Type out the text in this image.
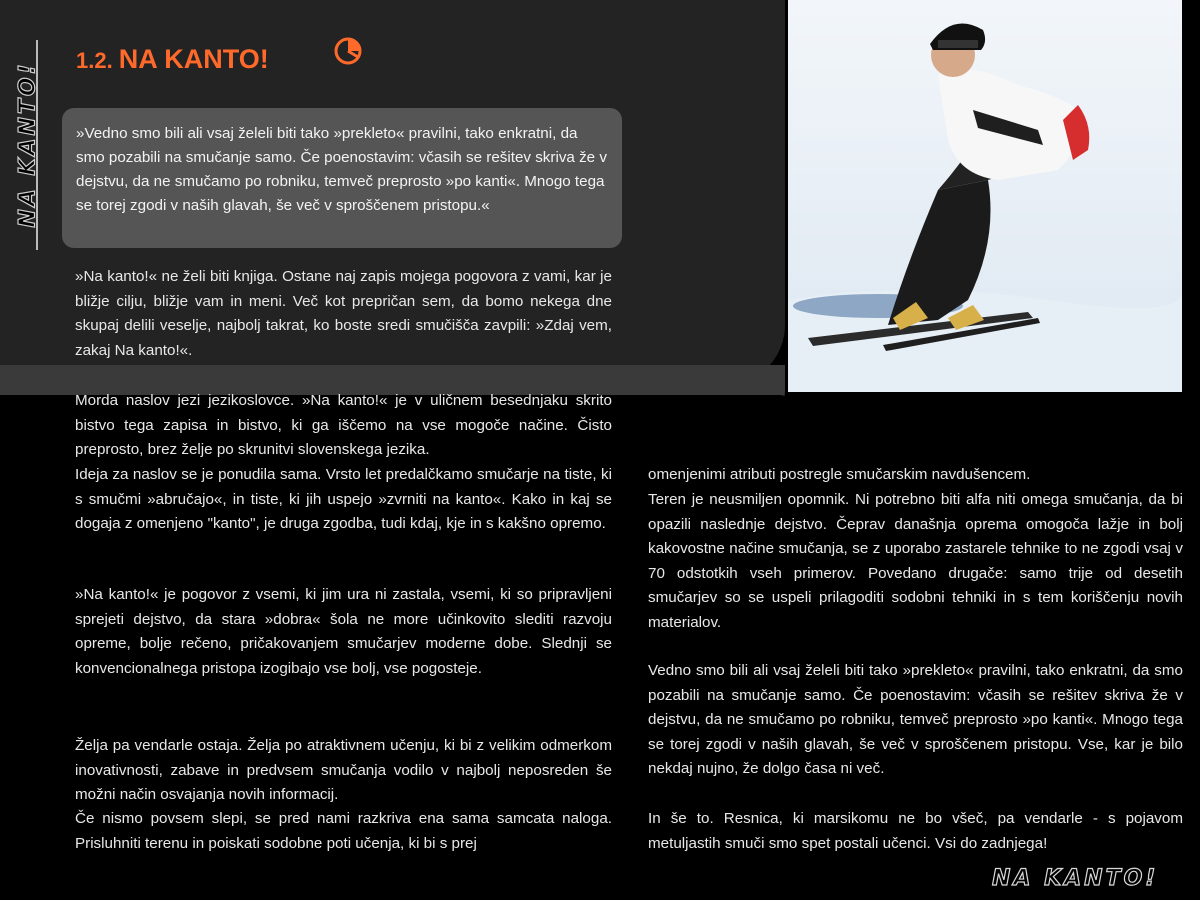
NA KANTO!
1.2. NA KANTO!
»Vedno smo bili ali vsaj želeli biti tako »prekleto« pravilni, tako enkratni, da smo pozabili na smučanje samo. Če poenostavim: včasih se rešitev skriva že v dejstvu, da ne smučamo po robniku, temveč preprosto »po kanti«. Mnogo tega se torej zgodi v naših glavah, še več v sproščenem pristopu.«

»Na kanto!« ne želi biti knjiga. Ostane naj zapis mojega pogovora z vami, kar je bližje cilju, bližje vam in meni. Več kot prepričan sem, da bomo nekega dne skupaj delili veselje, najbolj takrat, ko boste sredi smučišča zavpili: »Zdaj vem, zakaj Na kanto!«.

Morda naslov jezi jezikoslovce. »Na kanto!« je v uličnem besednjaku skrito bistvo tega zapisa in bistvo, ki ga iščemo na vse mogoče načine. Čisto preprosto, brez želje po skrunitvi slovenskega jezika.

Ideja za naslov se je ponudila sama. Vrsto let predalčkamo smučarje na tiste, ki s smučmi »abručajo«, in tiste, ki jih uspejo »zvrniti na kanto«. Kako in kaj se dogaja z omenjeno "kanto", je druga zgodba, tudi kdaj, kje in s kakšno opremo.

»Na kanto!« je pogovor z vsemi, ki jim ura ni zastala, vsemi, ki so pripravljeni sprejeti dejstvo, da stara »dobra« šola ne more učinkovito slediti razvoju opreme, bolje rečeno, pričakovanjem smučarjev moderne dobe. Slednji se konvencionalnega pristopa izogibajo vse bolj, vse pogosteje.

Želja pa vendarle ostaja. Želja po atraktivnem učenju, ki bi z velikim odmerkom inovativnosti, zabave in predvsem smučanja vodilo v najbolj neposreden še možni način osvajanja novih informacij.

Če nismo povsem slepi, se pred nami razkriva ena sama samcata naloga. Prisluhniti terenu in poiskati sodobne poti učenja, ki bi s prej

omenjenimi atributi postregle smučarskim navdušencem.

Teren je neusmiljen opomnik. Ni potrebno biti alfa niti omega smučanja, da bi opazili naslednje dejstvo. Čeprav današnja oprema omogoča lažje in bolj kakovostne načine smučanja, se z uporabo zastarele tehnike to ne zgodi vsaj v 70 odstotkih vseh primerov. Povedano drugače: samo trije od desetih smučarjev so se uspeli prilagoditi sodobni tehniki in s tem koriščenju novih materialov.

Vedno smo bili ali vsaj želeli biti tako »prekleto« pravilni, tako enkratni, da smo pozabili na smučanje samo. Če poenostavim: včasih se rešitev skriva že v dejstvu, da ne smučamo po robniku, temveč preprosto »po kanti«. Mnogo tega se torej zgodi v naših glavah, še več v sproščenem pristopu. Vse, kar je bilo nekdaj nujno, že dolgo časa ni več.

In še to. Resnica, ki marsikomu ne bo všeč, pa vendarle - s pojavom metuljastih smuči smo spet postali učenci. Vsi do zadnjega!

NA KANTO!
